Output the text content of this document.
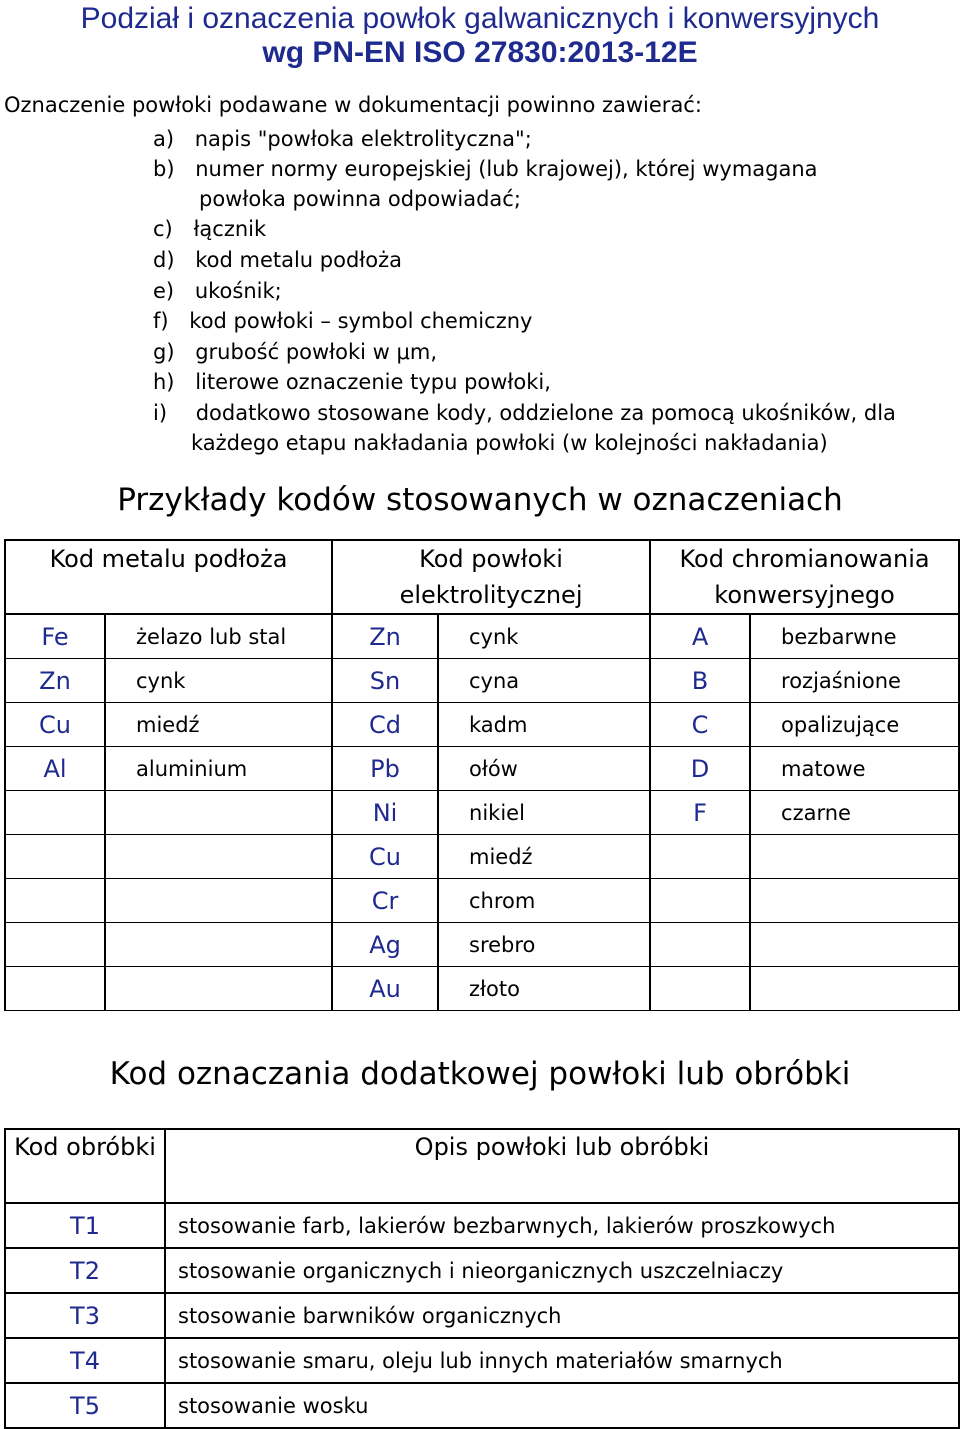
Podział i oznaczenia powłok galwanicznych i konwersyjnych
wg PN-EN ISO 27830:2013-12E
Oznaczenie powłoki podawane w dokumentacji powinno zawierać:
a) napis "powłoka elektrolityczna";
b) numer normy europejskiej (lub krajowej), której wymagana
powłoka powinna odpowiadać;
c) łącznik
d) kod metalu podłoża
e) ukośnik;
f) kod powłoki – symbol chemiczny
g) grubość powłoki w μm,
h) literowe oznaczenie typu powłoki,
i) dodatkowo stosowane kody, oddzielone za pomocą ukośników, dla
każdego etapu nakładania powłoki (w kolejności nakładania)
Przykłady kodów stosowanych w oznaczeniach
Kod metalu podłoża		Kod powłoki elektrolitycznej		Kod chromianowania konwersyjnego	
Fe	żelazo lub stal	Zn	cynk	A	bezbarwne
Zn	cynk	Sn	cyna	B	rozjaśnione
Cu	miedź	Cd	kadm	C	opalizujące
Al	aluminium	Pb	ołów	D	matowe
		Ni	nikiel	F	czarne
		Cu	miedź		
		Cr	chrom		
		Ag	srebro		
		Au	złoto		
Kod oznaczania dodatkowej powłoki lub obróbki
Kod obróbki	Opis powłoki lub obróbki
T1	stosowanie farb, lakierów bezbarwnych, lakierów proszkowych
T2	stosowanie organicznych i nieorganicznych uszczelniaczy
T3	stosowanie barwników organicznych
T4	stosowanie smaru, oleju lub innych materiałów smarnych
T5	stosowanie wosku
